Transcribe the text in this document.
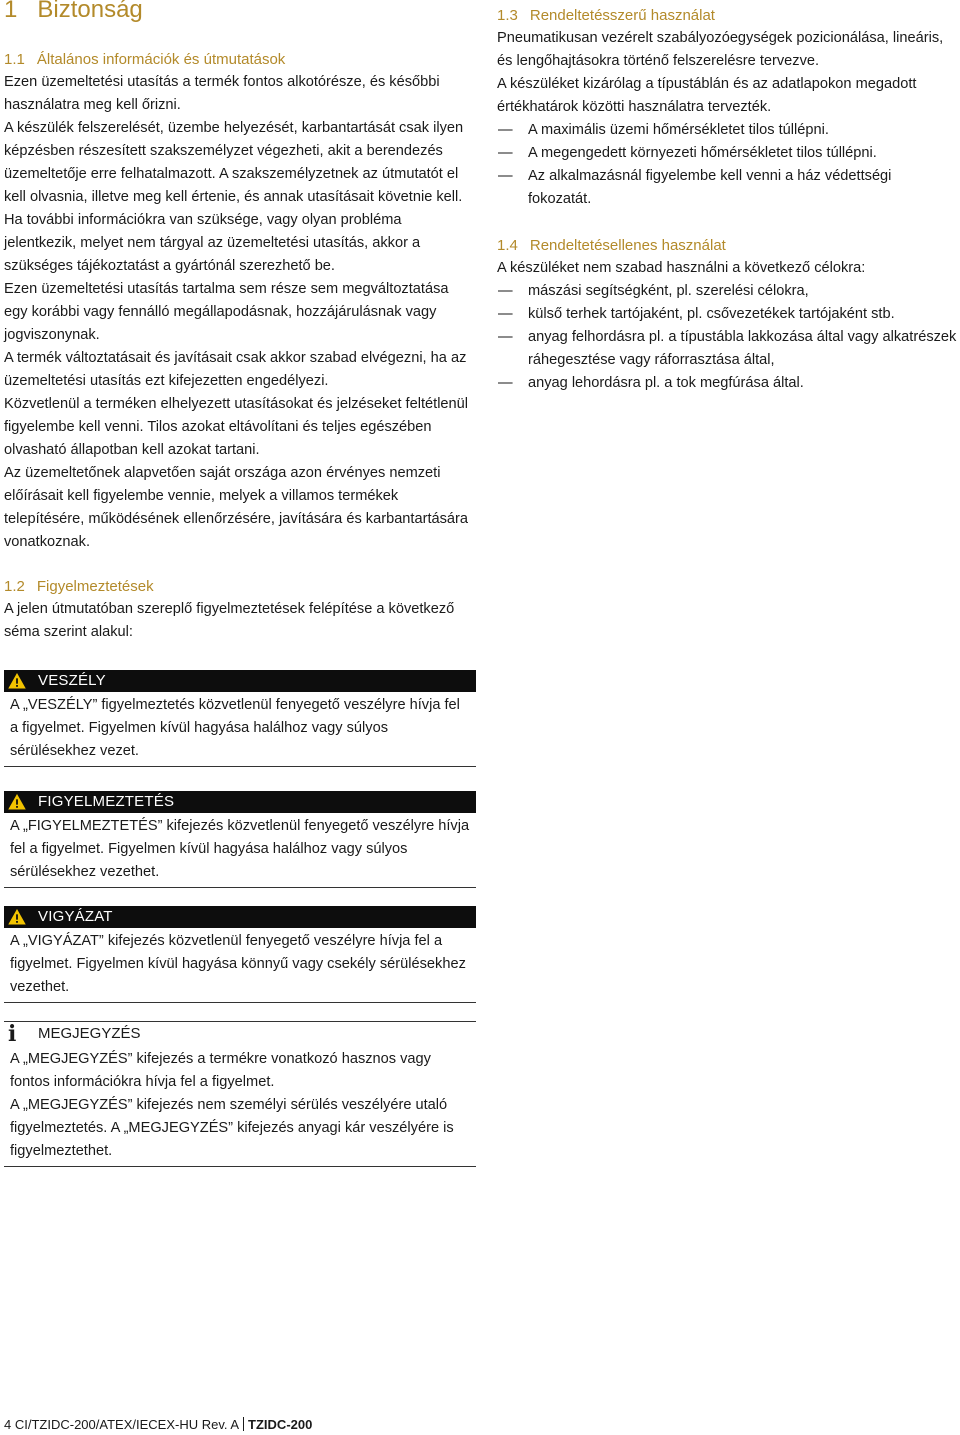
1 Biztonság
1.1 Általános információk és útmutatások

Ezen üzemeltetési utasítás a termék fontos alkotórésze, és későbbi használatra meg kell őrizni.

A készülék felszerelését, üzembe helyezését, karbantartását csak ilyen képzésben részesített szakszemélyzet végezheti, akit a berendezés üzemeltetője erre felhatalmazott. A szakszemélyzetnek az útmutatót el kell olvasnia, illetve meg kell értenie, és annak utasításait követnie kell.

Ha további információkra van szüksége, vagy olyan probléma jelentkezik, melyet nem tárgyal az üzemeltetési utasítás, akkor a szükséges tájékoztatást a gyártónál szerezhető be.

Ezen üzemeltetési utasítás tartalma sem része sem megváltoztatása egy korábbi vagy fennálló megállapodásnak, hozzájárulásnak vagy jogviszonynak.

A termék változtatásait és javításait csak akkor szabad elvégezni, ha az üzemeltetési utasítás ezt kifejezetten engedélyezi.

Közvetlenül a terméken elhelyezett utasításokat és jelzéseket feltétlenül figyelembe kell venni. Tilos azokat eltávolítani és teljes egészében olvasható állapotban kell azokat tartani.

Az üzemeltetőnek alapvetően saját országa azon érvényes nemzeti előírásait kell figyelembe vennie, melyek a villamos termékek telepítésére, működésének ellenőrzésére, javítására és karbantartására vonatkoznak.

1.2 Figyelmeztetések

A jelen útmutatóban szereplő figyelmeztetések felépítése a következő séma szerint alakul:

VESZÉLY
A „VESZÉLY” figyelmeztetés közvetlenül fenyegető veszélyre hívja fel a figyelmet. Figyelmen kívül hagyása halálhoz vagy súlyos sérülésekhez vezet.
FIGYELMEZTETÉS
A „FIGYELMEZTETÉS” kifejezés közvetlenül fenyegető veszélyre hívja fel a figyelmet. Figyelmen kívül hagyása halálhoz vagy súlyos sérülésekhez vezethet.
VIGYÁZAT
A „VIGYÁZAT” kifejezés közvetlenül fenyegető veszélyre hívja fel a figyelmet. Figyelmen kívül hagyása könnyű vagy csekély sérülésekhez vezethet.
i MEGJEGYZÉS

A „MEGJEGYZÉS” kifejezés a termékre vonatkozó hasznos vagy fontos információkra hívja fel a figyelmet.

A „MEGJEGYZÉS” kifejezés nem személyi sérülés veszélyére utaló figyelmeztetés. A „MEGJEGYZÉS” kifejezés anyagi kár veszélyére is figyelmeztethet.

1.3 Rendeltetésszerű használat

Pneumatikusan vezérelt szabályozóegységek pozicionálása, lineáris, és lengőhajtásokra történő felszerelésre tervezve.

A készüléket kizárólag a típustáblán és az adatlapokon megadott értékhatárok közötti használatra tervezték.

— A maximális üzemi hőmérsékletet tilos túllépni.
— A megengedett környezeti hőmérsékletet tilos túllépni.
— Az alkalmazásnál figyelembe kell venni a ház védettségi fokozatát.
1.4 Rendeltetésellenes használat

A készüléket nem szabad használni a következő célokra:

— mászási segítségként, pl. szerelési célokra,
— külső terhek tartójaként, pl. csővezetékek tartójaként stb.
— anyag felhordásra pl. a típustábla lakkozása által vagy alkatrészek ráhegesztése vagy ráforrasztása által,
— anyag lehordásra pl. a tok megfúrása által.
4 CI/TZIDC-200/ATEX/IECEX-HU Rev. A TZIDC-200
